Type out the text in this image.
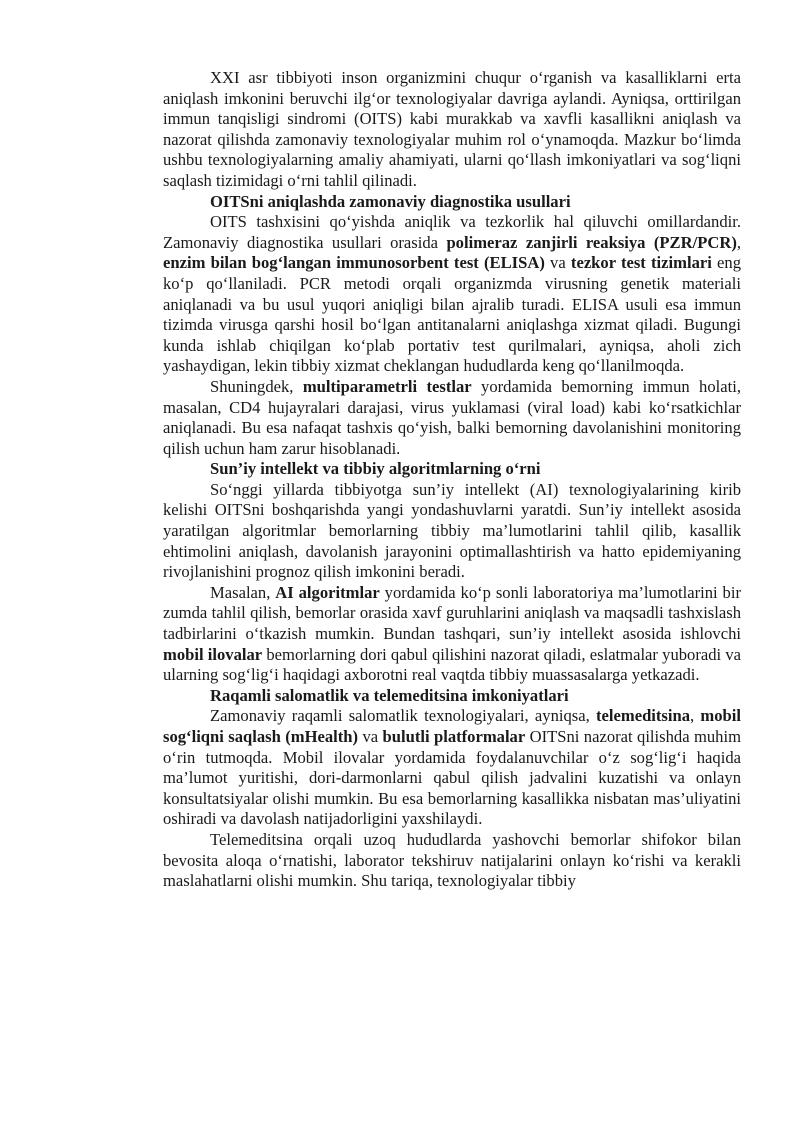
XXI asr tibbiyoti inson organizmini chuqur o‘rganish va kasalliklarni erta aniqlash imkonini beruvchi ilg‘or texnologiyalar davriga aylandi. Ayniqsa, orttirilgan immun tanqisligi sindromi (OITS) kabi murakkab va xavfli kasallikni aniqlash va nazorat qilishda zamonaviy texnologiyalar muhim rol o‘ynamoqda. Mazkur bo‘limda ushbu texnologiyalarning amaliy ahamiyati, ularni qo‘llash imkoniyatlari va sog‘liqni saqlash tizimidagi o‘rni tahlil qilinadi.

OITSni aniqlashda zamonaviy diagnostika usullari

OITS tashxisini qo‘yishda aniqlik va tezkorlik hal qiluvchi omillardandir. Zamonaviy diagnostika usullari orasida polimeraz zanjirli reaksiya (PZR/PCR), enzim bilan bog‘langan immunosorbent test (ELISA) va tezkor test tizimlari eng ko‘p qo‘llaniladi. PCR metodi orqali organizmda virusning genetik materiali aniqlanadi va bu usul yuqori aniqligi bilan ajralib turadi. ELISA usuli esa immun tizimda virusga qarshi hosil bo‘lgan antitanalarni aniqlashga xizmat qiladi. Bugungi kunda ishlab chiqilgan ko‘plab portativ test qurilmalari, ayniqsa, aholi zich yashaydigan, lekin tibbiy xizmat cheklangan hududlarda keng qo‘llanilmoqda.

Shuningdek, multiparametrli testlar yordamida bemorning immun holati, masalan, CD4 hujayralari darajasi, virus yuklamasi (viral load) kabi ko‘rsatkichlar aniqlanadi. Bu esa nafaqat tashxis qo‘yish, balki bemorning davolanishini monitoring qilish uchun ham zarur hisoblanadi.

Sun’iy intellekt va tibbiy algoritmlarning o‘rni

So‘nggi yillarda tibbiyotga sun’iy intellekt (AI) texnologiyalarining kirib kelishi OITSni boshqarishda yangi yondashuvlarni yaratdi. Sun’iy intellekt asosida yaratilgan algoritmlar bemorlarning tibbiy ma’lumotlarini tahlil qilib, kasallik ehtimolini aniqlash, davolanish jarayonini optimallashtirish va hatto epidemiyaning rivojlanishini prognoz qilish imkonini beradi.

Masalan, AI algoritmlar yordamida ko‘p sonli laboratoriya ma’lumotlarini bir zumda tahlil qilish, bemorlar orasida xavf guruhlarini aniqlash va maqsadli tashxislash tadbirlarini o‘tkazish mumkin. Bundan tashqari, sun’iy intellekt asosida ishlovchi mobil ilovalar bemorlarning dori qabul qilishini nazorat qiladi, eslatmalar yuboradi va ularning sog‘lig‘i haqidagi axborotni real vaqtda tibbiy muassasalarga yetkazadi.

Raqamli salomatlik va telemeditsina imkoniyatlari

Zamonaviy raqamli salomatlik texnologiyalari, ayniqsa, telemeditsina, mobil sog‘liqni saqlash (mHealth) va bulutli platformalar OITSni nazorat qilishda muhim o‘rin tutmoqda. Mobil ilovalar yordamida foydalanuvchilar o‘z sog‘lig‘i haqida ma’lumot yuritishi, dori-darmonlarni qabul qilish jadvalini kuzatishi va onlayn konsultatsiyalar olishi mumkin. Bu esa bemorlarning kasallikka nisbatan mas’uliyatini oshiradi va davolash natijadorligini yaxshilaydi.

Telemeditsina orqali uzoq hududlarda yashovchi bemorlar shifokor bilan bevosita aloqa o‘rnatishi, laborator tekshiruv natijalarini onlayn ko‘rishi va kerakli maslahatlarni olishi mumkin. Shu tariqa, texnologiyalar tibbiy
